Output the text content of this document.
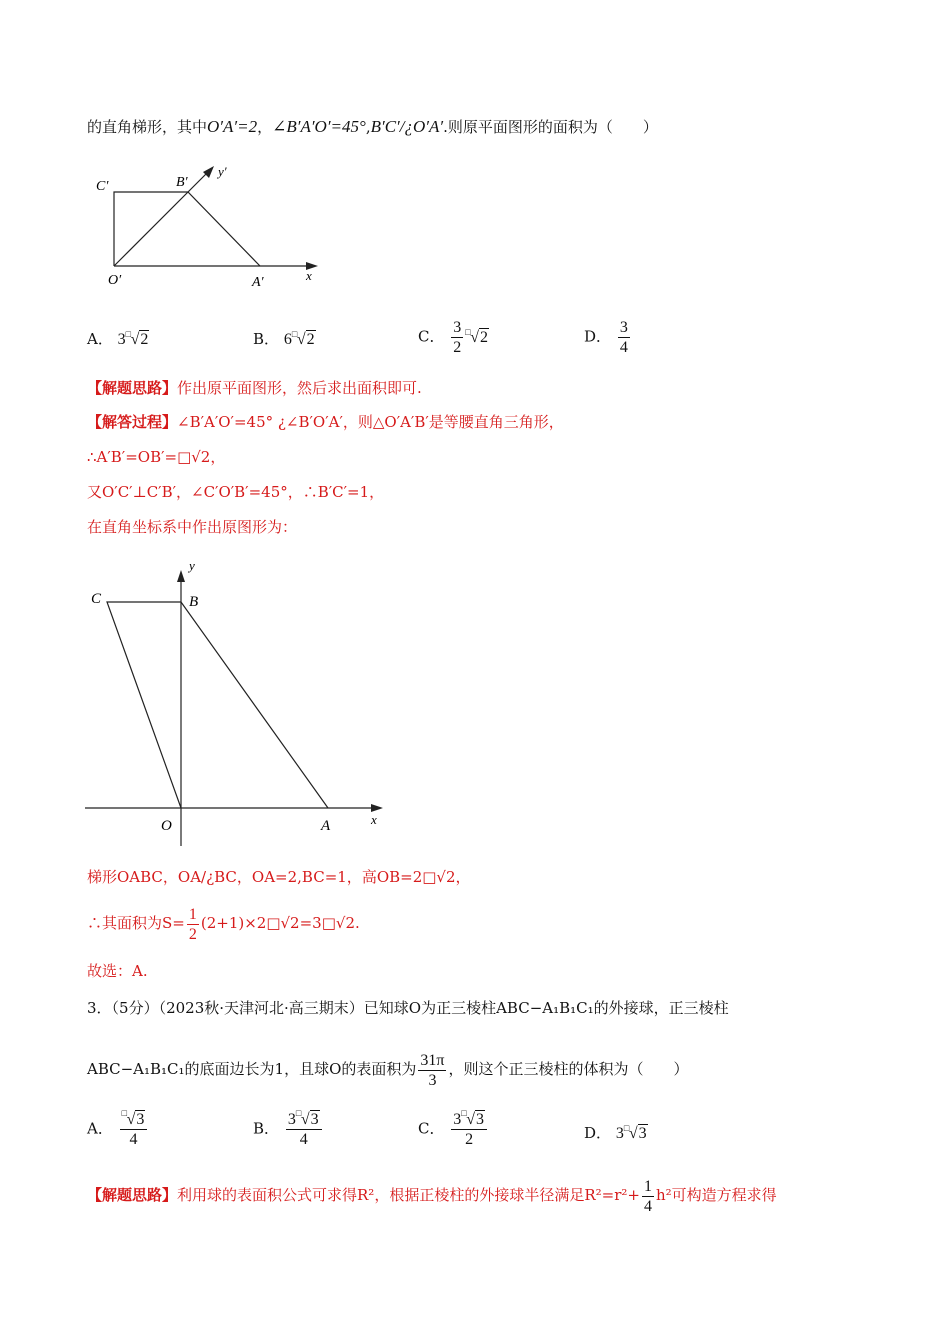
的直角梯形，其中O′A′=2，∠B′A′O′=45°,B′C′/¿O′A′.则原平面图形的面积为（　　）
C′	B′
y′
O′	A′	x
A． 3 □ √2	B． 6 □ √2	C． $\frac{3}{2}$ □ √2	D． $\frac{3}{4}$
【解题思路】作出原平面图形，然后求出面积即可.
【解答过程】∠B′A′O′=45° ¿∠B′O′A′，则△O′A′B′是等腰直角三角形，
∴A′B′=OB′=□√2，
又O′C′⊥C′B′，∠C′O′B′=45°，∴B′C′=1，
在直角坐标系中作出原图形为：
C	B
y
O	A	x
梯形OABC，OA/¿BC，OA=2,BC=1，高OB=2□√2，
∴其面积为$S= \frac{1}{2}$ (2+1)×2□√2=3□√2.
故选：A.
3．（5分）（2023秋·天津河北·高三期末）已知球O为正三棱柱ABC−A₁B₁C₁的外接球，正三棱柱
ABC−A₁B₁C₁的底面边长为1，且球O的表面积为 $\frac{31\pi}{3}$ ，则这个正三棱柱的体积为（　　）
A． $\frac{□ √3}{4}$	B． $\frac{3 □ √3}{4}$	C． $\frac{3 □ √3}{2}$	D． 3 □ √3
【解题思路】利用球的表面积公式可求得R²，根据正棱柱的外接球半径满足$R^2=r^2+ \frac{1}{4} h^2$可构造方程求得
